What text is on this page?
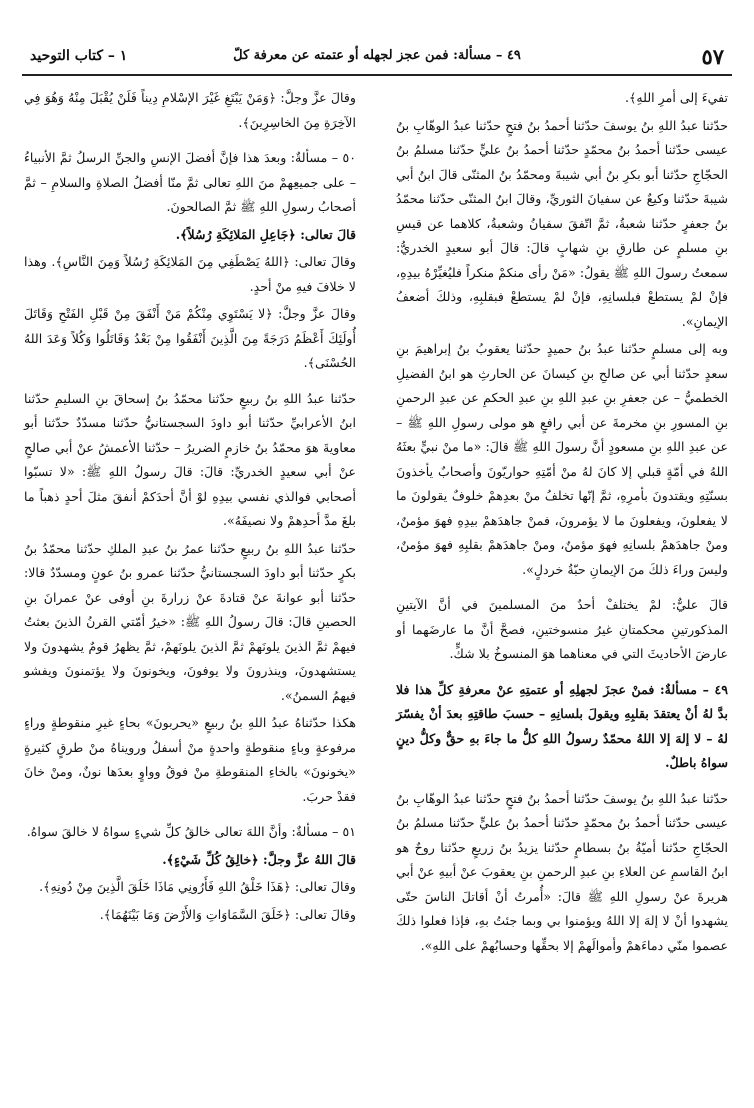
٥٧
٤٩ – مسألة: فمن عجز لجهله أو عتمته عن معرفة كلّ
١ – كتاب التوحيد

تفيءَ إلى أمرِ اللهِ﴾.

حدّثنا عبدُ اللهِ بنُ يوسفَ حدّثنا أحمدُ بنُ فتحٍ حدّثنا عبدُ الوهّابِ بنُ عيسى حدّثنا أحمدُ بنُ محمّدٍ حدّثنا أحمدُ بنُ عليٍّ حدّثنا مسلمُ بنُ الحجّاجِ حدّثنا أبو بكرِ بنُ أبي شيبةَ ومحمّدُ بنُ المثنّى قالَ ابنُ أبي شيبةَ حدّثنا وكيعٌ عن سفيانَ الثوريِّ، وقالَ ابنُ المثنّى حدّثنا محمّدُ بنُ جعفرٍ حدّثنا شعبةُ، ثمَّ اتّفقَ سفيانُ وشعبةُ، كلاهما عن قيسِ بنِ مسلمٍ عن طارقِ بنِ شهابٍ قالَ: قالَ أبو سعيدٍ الخدريُّ: سمعتُ رسولَ اللهِ ﷺ يقولُ: «مَنْ رأى منكمْ منكراً فليُغيِّرْهُ بيدِهِ، فإنْ لمْ يستطعْ فبلسانِهِ، فإنْ لمْ يستطعْ فبقلبِهِ، وذلكَ أضعفُ الإيمانِ».

وبه إلى مسلمٍ حدّثنا عبدُ بنُ حميدٍ حدّثنا يعقوبُ بنُ إبراهيمَ بنِ سعدٍ حدّثنا أبي عن صالحِ بنِ كيسانَ عن الحارثِ هو ابنُ الفضيلِ الخطميُّ – عن جعفرِ بنِ عبدِ اللهِ بنِ عبدِ الحكمِ عن عبدِ الرحمنِ بنِ المسورِ بنِ مخرمةَ عن أبي رافعٍ هو مولى رسولِ اللهِ ﷺ – عن عبدِ اللهِ بنِ مسعودٍ أنَّ رسولَ اللهِ ﷺ قالَ: «ما منْ نبيٍّ بعثَهُ اللهُ في أمّةٍ قبلي إلا كانَ لهُ منْ أمّتِهِ حواريّونَ وأصحابٌ يأخذونَ بسنّتِهِ ويقتدونَ بأمرِهِ، ثمَّ إنّها تخلفُ منْ بعدِهمْ خلوفٌ يقولونَ ما لا يفعلونَ، ويفعلونَ ما لا يؤمرونَ، فمنْ جاهدَهمْ بيدِهِ فهوَ مؤمنٌ، ومنْ جاهدَهمْ بلسانِهِ فهوَ مؤمنٌ، ومنْ جاهدَهمْ بقلبِهِ فهوَ مؤمنٌ، وليسَ وراءَ ذلكَ منَ الإيمانِ حبّةُ خردلٍ».

قالَ عليٌّ: لمْ يختلفْ أحدٌ منَ المسلمينَ في أنَّ الآيتينِ المذكورتينِ محكمتانِ غيرُ منسوختينِ، فصحَّ أنَّ ما عارضَهما أو عارضَ الأحاديثَ التي في معناهما هوَ المنسوخُ بلا شكٍّ.

٤٩ – مسألةٌ: فمنْ عجزَ لجهلِهِ أو عتمتِهِ عنْ معرفةِ كلِّ هذا فلا بدَّ لهُ أنْ يعتقدَ بقلبِهِ ويقولَ بلسانِهِ – حسبَ طاقتِهِ بعدَ أنْ يفسّرَ لهُ – لا إلهَ إلا اللهُ محمّدٌ رسولُ اللهِ كلُّ ما جاءَ بهِ حقٌّ وكلُّ دينٍ سواهُ باطلٌ.

حدّثنا عبدُ اللهِ بنُ يوسفَ حدّثنا أحمدُ بنُ فتحٍ حدّثنا عبدُ الوهّابِ بنُ عيسى حدّثنا أحمدُ بنُ محمّدٍ حدّثنا أحمدُ بنُ عليٍّ حدّثنا مسلمُ بنُ الحجّاجِ حدّثنا أميّةُ بنُ بسطامٍ حدّثنا يزيدُ بنُ زريعٍ حدّثنا روحٌ هو ابنُ القاسمِ عن العلاءِ بنِ عبدِ الرحمنِ بنِ يعقوبَ عنْ أبيهِ عنْ أبي هريرةَ عنْ رسولِ اللهِ ﷺ قالَ: «أُمرتُ أنْ أقاتلَ الناسَ حتّى يشهدوا أنْ لا إلهَ إلا اللهُ ويؤمنوا بي وبما جئتُ بهِ، فإذا فعلوا ذلكَ عصموا منّي دماءَهمْ وأموالَهمْ إلا بحقِّها وحسابُهمْ على اللهِ».

وقالَ عزَّ وجلَّ: ﴿وَمَنْ يَبْتَغِ غَيْرَ الإسْلامِ دِيناً فَلَنْ يُقْبَلَ مِنْهُ وَهُوَ فِي الآخِرَةِ مِنَ الخاسِرِينَ﴾.

٥٠ – مسألةٌ: وبعدَ هذا فإنَّ أفضلَ الإنسِ والجنِّ الرسلُ ثمَّ الأنبياءُ – على جميعِهمْ منَ اللهِ تعالى ثمَّ منّا أفضلُ الصلاةِ والسلامِ – ثمَّ أصحابُ رسولِ اللهِ ﷺ ثمَّ الصالحونَ.

قالَ تعالى: ﴿جَاعِلِ المَلائِكَةِ رُسُلاً﴾.

وقالَ تعالى: ﴿اللهُ يَصْطَفِي مِنَ المَلائِكَةِ رُسُلاً وَمِنَ النَّاسِ﴾. وهذا لا خلافَ فيهِ منْ أحدٍ.

وقالَ عزَّ وجلَّ: ﴿لا يَسْتَوِي مِنْكُمْ مَنْ أَنْفَقَ مِنْ قَبْلِ الفَتْحِ وَقَاتَلَ أُولَئِكَ أَعْظَمُ دَرَجَةً مِنَ الَّذِينَ أَنْفَقُوا مِنْ بَعْدُ وَقَاتَلُوا وَكُلاً وَعَدَ اللهُ الحُسْنَى﴾.

حدّثنا عبدُ اللهِ بنُ ربيعٍ حدّثنا محمّدُ بنُ إسحاقَ بنِ السليمِ حدّثنا ابنُ الأعرابيِّ حدّثنا أبو داودَ السجستانيُّ حدّثنا مسدّدٌ حدّثنا أبو معاويةَ هوَ محمّدُ بنُ خازمٍ الضريرُ – حدّثنا الأعمشُ عنْ أبي صالحٍ عنْ أبي سعيدٍ الخدريِّ: قالَ: قالَ رسولُ اللهِ ﷺ: «لا تسبّوا أصحابي فوالذي نفسي بيدِهِ لوْ أنَّ أحدَكمْ أنفقَ مثلَ أحدٍ ذهباً ما بلغَ مدَّ أحدِهمْ ولا نصيفَهُ».

حدّثنا عبدُ اللهِ بنُ ربيعٍ حدّثنا عمرُ بنُ عبدِ الملكِ حدّثنا محمّدُ بنُ بكرٍ حدّثنا أبو داودَ السجستانيُّ حدّثنا عمرو بنُ عونٍ ومسدّدٌ قالا: حدّثنا أبو عوانةَ عنْ قتادةَ عنْ زرارةَ بنِ أوفى عنْ عمرانَ بنِ الحصينِ قالَ: قالَ رسولُ اللهِ ﷺ: «خيرُ أمّتي القرنُ الذينَ بعثتُ فيهمْ ثمَّ الذينَ يلونَهمْ ثمَّ الذينَ يلونَهمْ، ثمَّ يظهرُ قومٌ يشهدونَ ولا يستشهدونَ، وينذرونَ ولا يوفونَ، ويخونونَ ولا يؤتمنونَ ويفشو فيهمُ السمنُ».

هكذا حدّثناهُ عبدُ اللهِ بنُ ربيعٍ «يحربونَ» بحاءٍ غيرِ منقوطةٍ وراءٍ مرفوعةٍ وباءٍ منقوطةٍ واحدةٍ منْ أسفلُ ورويناهُ منْ طرقٍ كثيرةٍ «يخونونَ» بالخاءِ المنقوطةِ منْ فوقُ وواوٍ بعدَها نونٌ، ومنْ خانَ فقدْ حربَ.

٥١ – مسألةٌ: وأنَّ اللهَ تعالى خالقُ كلِّ شيءٍ سواهُ لا خالقَ سواهُ.

قالَ اللهُ عزَّ وجلَّ: ﴿خالِقُ كُلِّ شَيْءٍ﴾.

وقالَ تعالى: ﴿هَذَا خَلْقُ اللهِ فَأَرُونِي مَاذَا خَلَقَ الَّذِينَ مِنْ دُونِهِ﴾.

وقالَ تعالى: ﴿خَلَقَ السَّمَاوَاتِ وَالأَرْضَ وَمَا بَيْنَهُمَا﴾.
